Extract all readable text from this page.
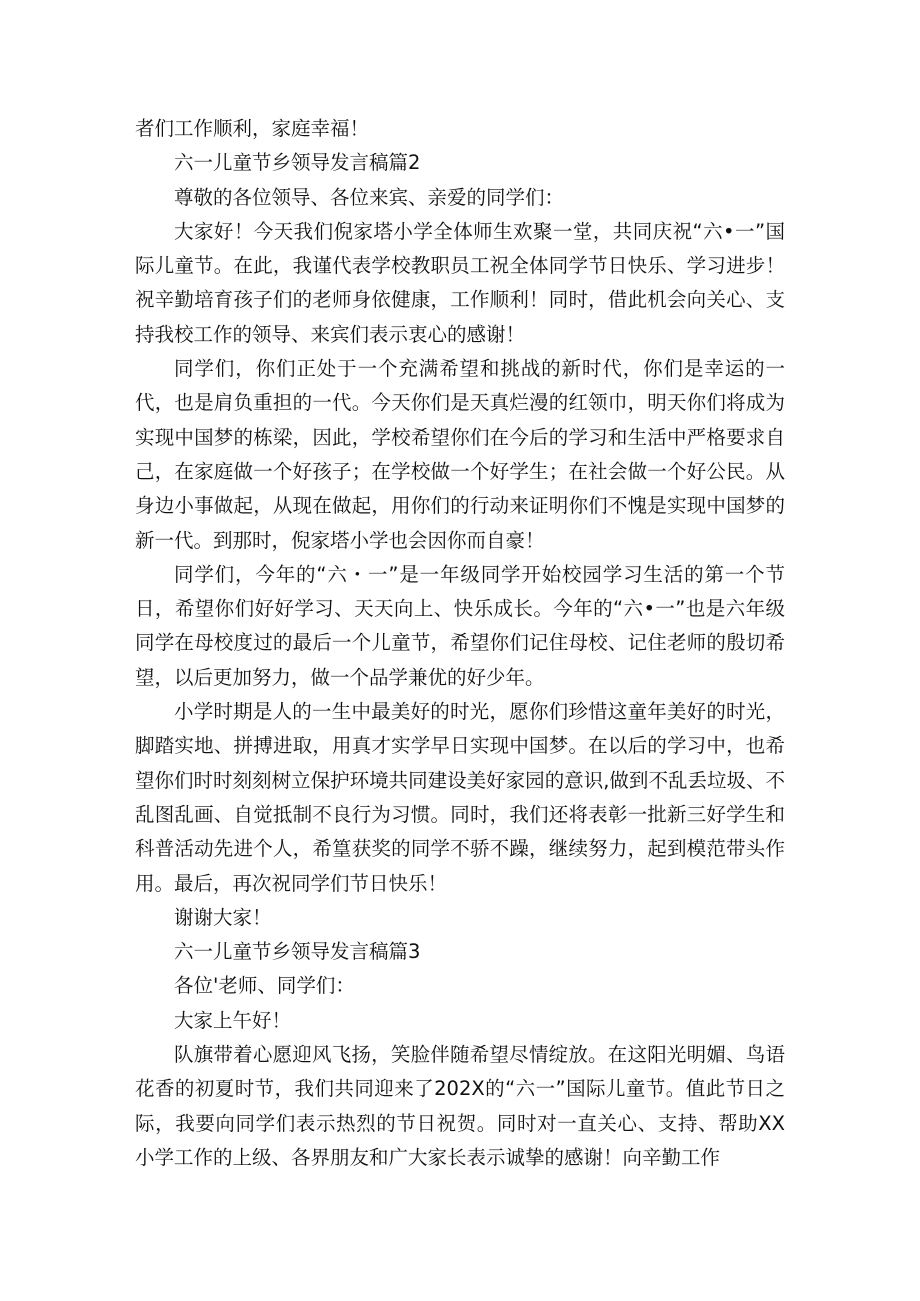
者们工作顺利，家庭幸福！

六一儿童节乡领导发言稿篇2

尊敬的各位领导、各位来宾、亲爱的同学们：

大家好！今天我们倪家塔小学全体师生欢聚一堂，共同庆祝“六•一”国际儿童节。在此，我谨代表学校教职员工祝全体同学节日快乐、学习进步！祝辛勤培育孩子们的老师身依健康，工作顺利！同时，借此机会向关心、支持我校工作的领导、来宾们表示衷心的感谢！

同学们，你们正处于一个充满希望和挑战的新时代，你们是幸运的一代，也是肩负重担的一代。今天你们是天真烂漫的红领巾，明天你们将成为实现中国梦的栋梁，因此，学校希望你们在今后的学习和生活中严格要求自己，在家庭做一个好孩子；在学校做一个好学生；在社会做一个好公民。从身边小事做起，从现在做起，用你们的行动来证明你们不愧是实现中国梦的新一代。到那时，倪家塔小学也会因你而自豪！

同学们，今年的“六・一”是一年级同学开始校园学习生活的第一个节日，希望你们好好学习、天天向上、快乐成长。今年的“六•一”也是六年级同学在母校度过的最后一个儿童节，希望你们记住母校、记住老师的殷切希望，以后更加努力，做一个品学兼优的好少年。

小学时期是人的一生中最美好的时光，愿你们珍惜这童年美好的时光，脚踏实地、拼搏进取，用真才实学早日实现中国梦。在以后的学习中，也希望你们时时刻刻树立保护环境共同建设美好家园的意识,做到不乱丢垃圾、不乱图乱画、自觉抵制不良行为习惯。同时，我们还将表彰一批新三好学生和科普活动先进个人，希篁获奖的同学不骄不躁，继续努力，起到模范带头作用。最后，再次祝同学们节日快乐！

谢谢大家！

六一儿童节乡领导发言稿篇3

各位'老师、同学们：

大家上午好！

队旗带着心愿迎风飞扬，笑脸伴随希望尽情绽放。在这阳光明媚、鸟语花香的初夏时节，我们共同迎来了202X的“六一”国际儿童节。值此节日之际，我要向同学们表示热烈的节日祝贺。同时对一直关心、支持、帮助XX小学工作的上级、各界朋友和广大家长表示诚挚的感谢！向辛勤工作
